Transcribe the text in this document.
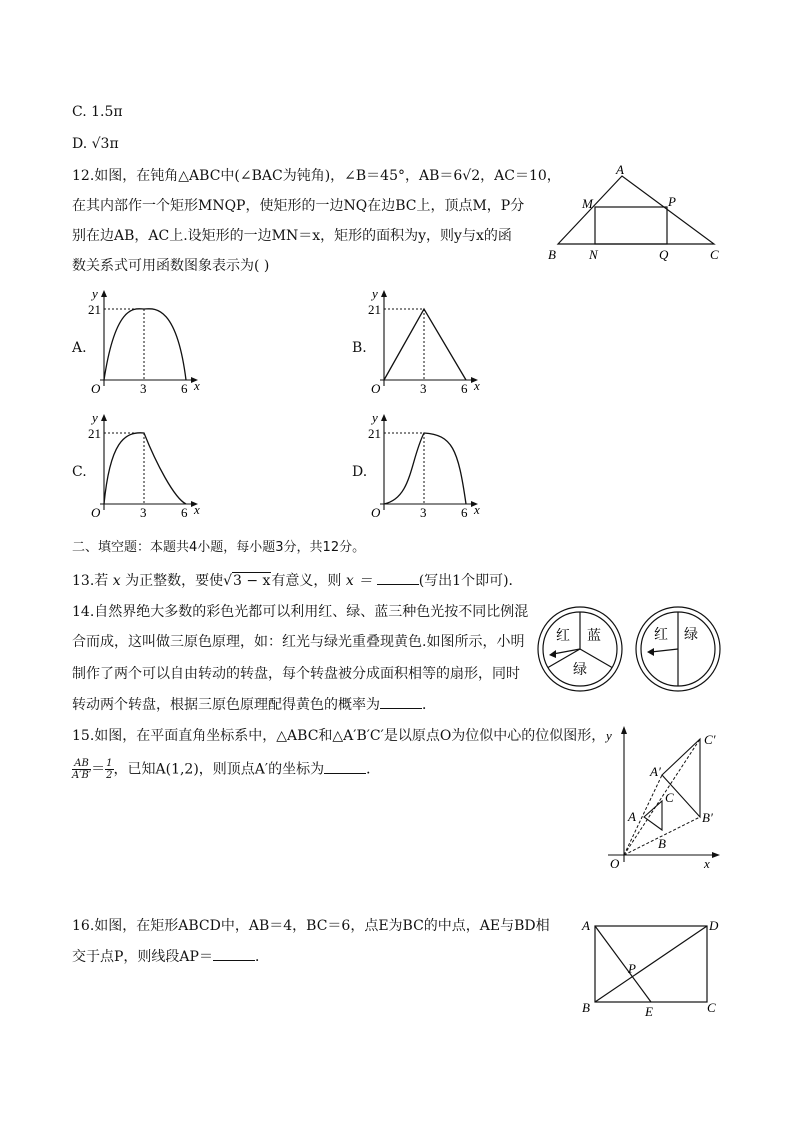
C. 1.5π
D. √3π
12.如图，在钝角△ABC中(∠BAC为钝角)，∠B＝45°，AB＝6√2，AC＝10，
在其内部作一个矩形MNQP，使矩形的一边NQ在边BC上，顶点M，P分
别在边AB，AC上.设矩形的一边MN＝x，矩形的面积为y，则y与x的函
数关系式可用函数图象表示为( )
A
M	P
B	N	Q	C
A.	B.
C.	D.
y
21
O	3	6 x
y
21
O	3	6 x
y
21
O	3	6 x
y
21
O	3	6 x
二、填空题：本题共4小题，每小题3分，共12分。
13.若 x 为正整数，要使√3 − x有意义，则 x ＝	(写出1个即可)．
14.自然界绝大多数的彩色光都可以利用红、绿、蓝三种色光按不同比例混
合而成，这叫做三原色原理，如：红光与绿光重叠现黄色.如图所示，小明
制作了两个可以自由转动的转盘，每个转盘被分成面积相等的扇形，同时
转动两个转盘，根据三原色原理配得黄色的概率为	．
红 蓝
绿
红 绿
15.如图，在平面直角坐标系中，△ABC和△A′B′C′是以原点O为位似中心的位似图形，
$\frac{AB}{A'B'} = \frac{1}{2}$ ，已知A(1,2)，则顶点A′的坐标为	．
y
x
O
A
B
C
A′
B′
C′
16.如图，在矩形ABCD中，AB＝4，BC＝6，点E为BC的中点，AE与BD相
交于点P，则线段AP＝	．
A	D
P
B	E	C
